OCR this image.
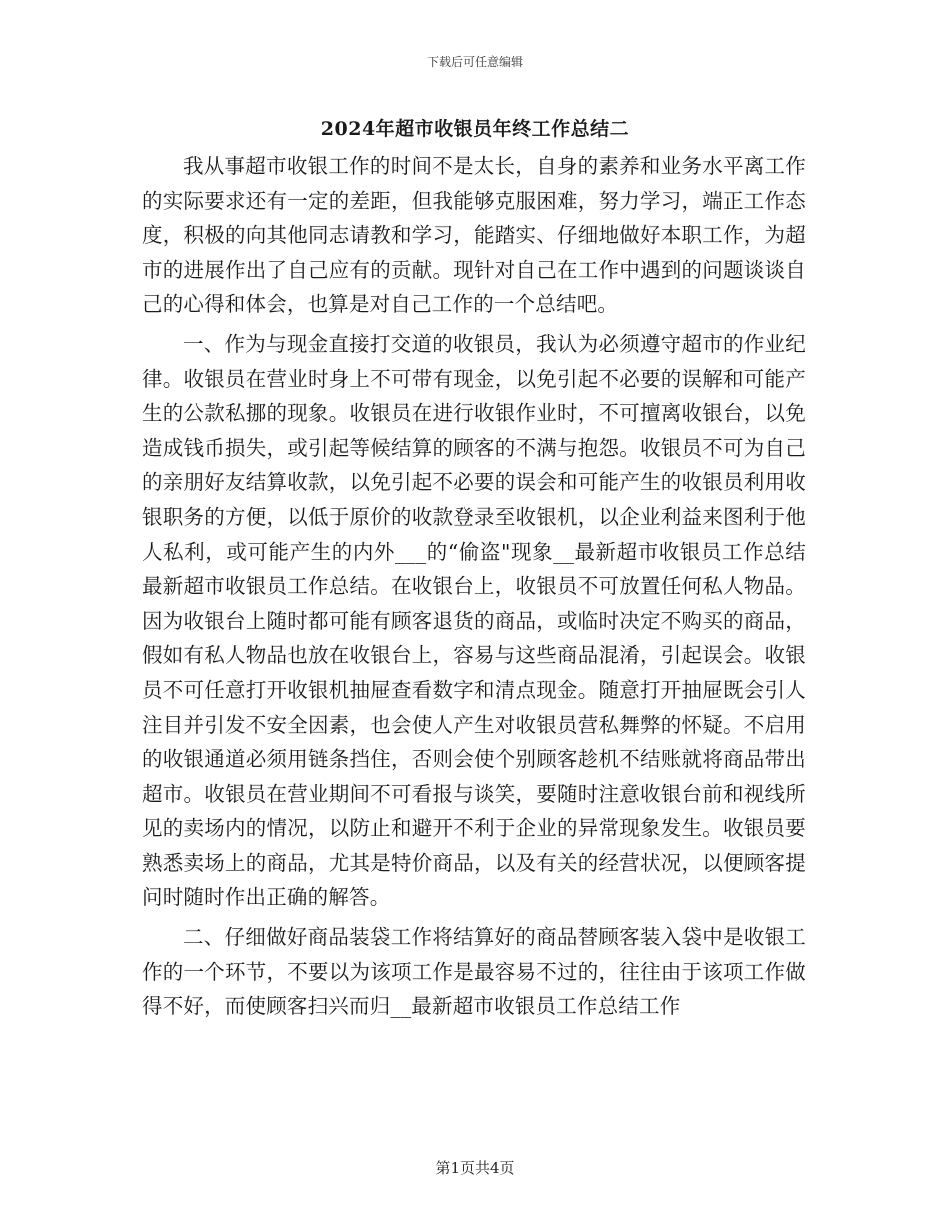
下载后可任意编辑
2024年超市收银员年终工作总结二

我从事超市收银工作的时间不是太长，自身的素养和业务水平离工作的实际要求还有一定的差距，但我能够克服困难，努力学习，端正工作态度，积极的向其他同志请教和学习，能踏实、仔细地做好本职工作，为超市的进展作出了自己应有的贡献。现针对自己在工作中遇到的问题谈谈自己的心得和体会，也算是对自己工作的一个总结吧。

一、作为与现金直接打交道的收银员，我认为必须遵守超市的作业纪律。收银员在营业时身上不可带有现金，以免引起不必要的误解和可能产生的公款私挪的现象。收银员在进行收银作业时，不可擅离收银台，以免造成钱币损失，或引起等候结算的顾客的不满与抱怨。收银员不可为自己的亲朋好友结算收款，以免引起不必要的误会和可能产生的收银员利用收银职务的方便，以低于原价的收款登录至收银机，以企业利益来图利于他人私利，或可能产生的内外___的“偷盗"现象__最新超市收银员工作总结最新超市收银员工作总结。在收银台上，收银员不可放置任何私人物品。因为收银台上随时都可能有顾客退货的商品，或临时决定不购买的商品，假如有私人物品也放在收银台上，容易与这些商品混淆，引起误会。收银员不可任意打开收银机抽屉查看数字和清点现金。随意打开抽屉既会引人注目并引发不安全因素，也会使人产生对收银员营私舞弊的怀疑。不启用的收银通道必须用链条挡住，否则会使个别顾客趁机不结账就将商品带出超市。收银员在营业期间不可看报与谈笑，要随时注意收银台前和视线所见的卖场内的情况，以防止和避开不利于企业的异常现象发生。收银员要熟悉卖场上的商品，尤其是特价商品，以及有关的经营状况，以便顾客提问时随时作出正确的解答。

二、仔细做好商品装袋工作将结算好的商品替顾客装入袋中是收银工作的一个环节，不要以为该项工作是最容易不过的，往往由于该项工作做得不好，而使顾客扫兴而归__最新超市收银员工作总结工作

第1页共4页
